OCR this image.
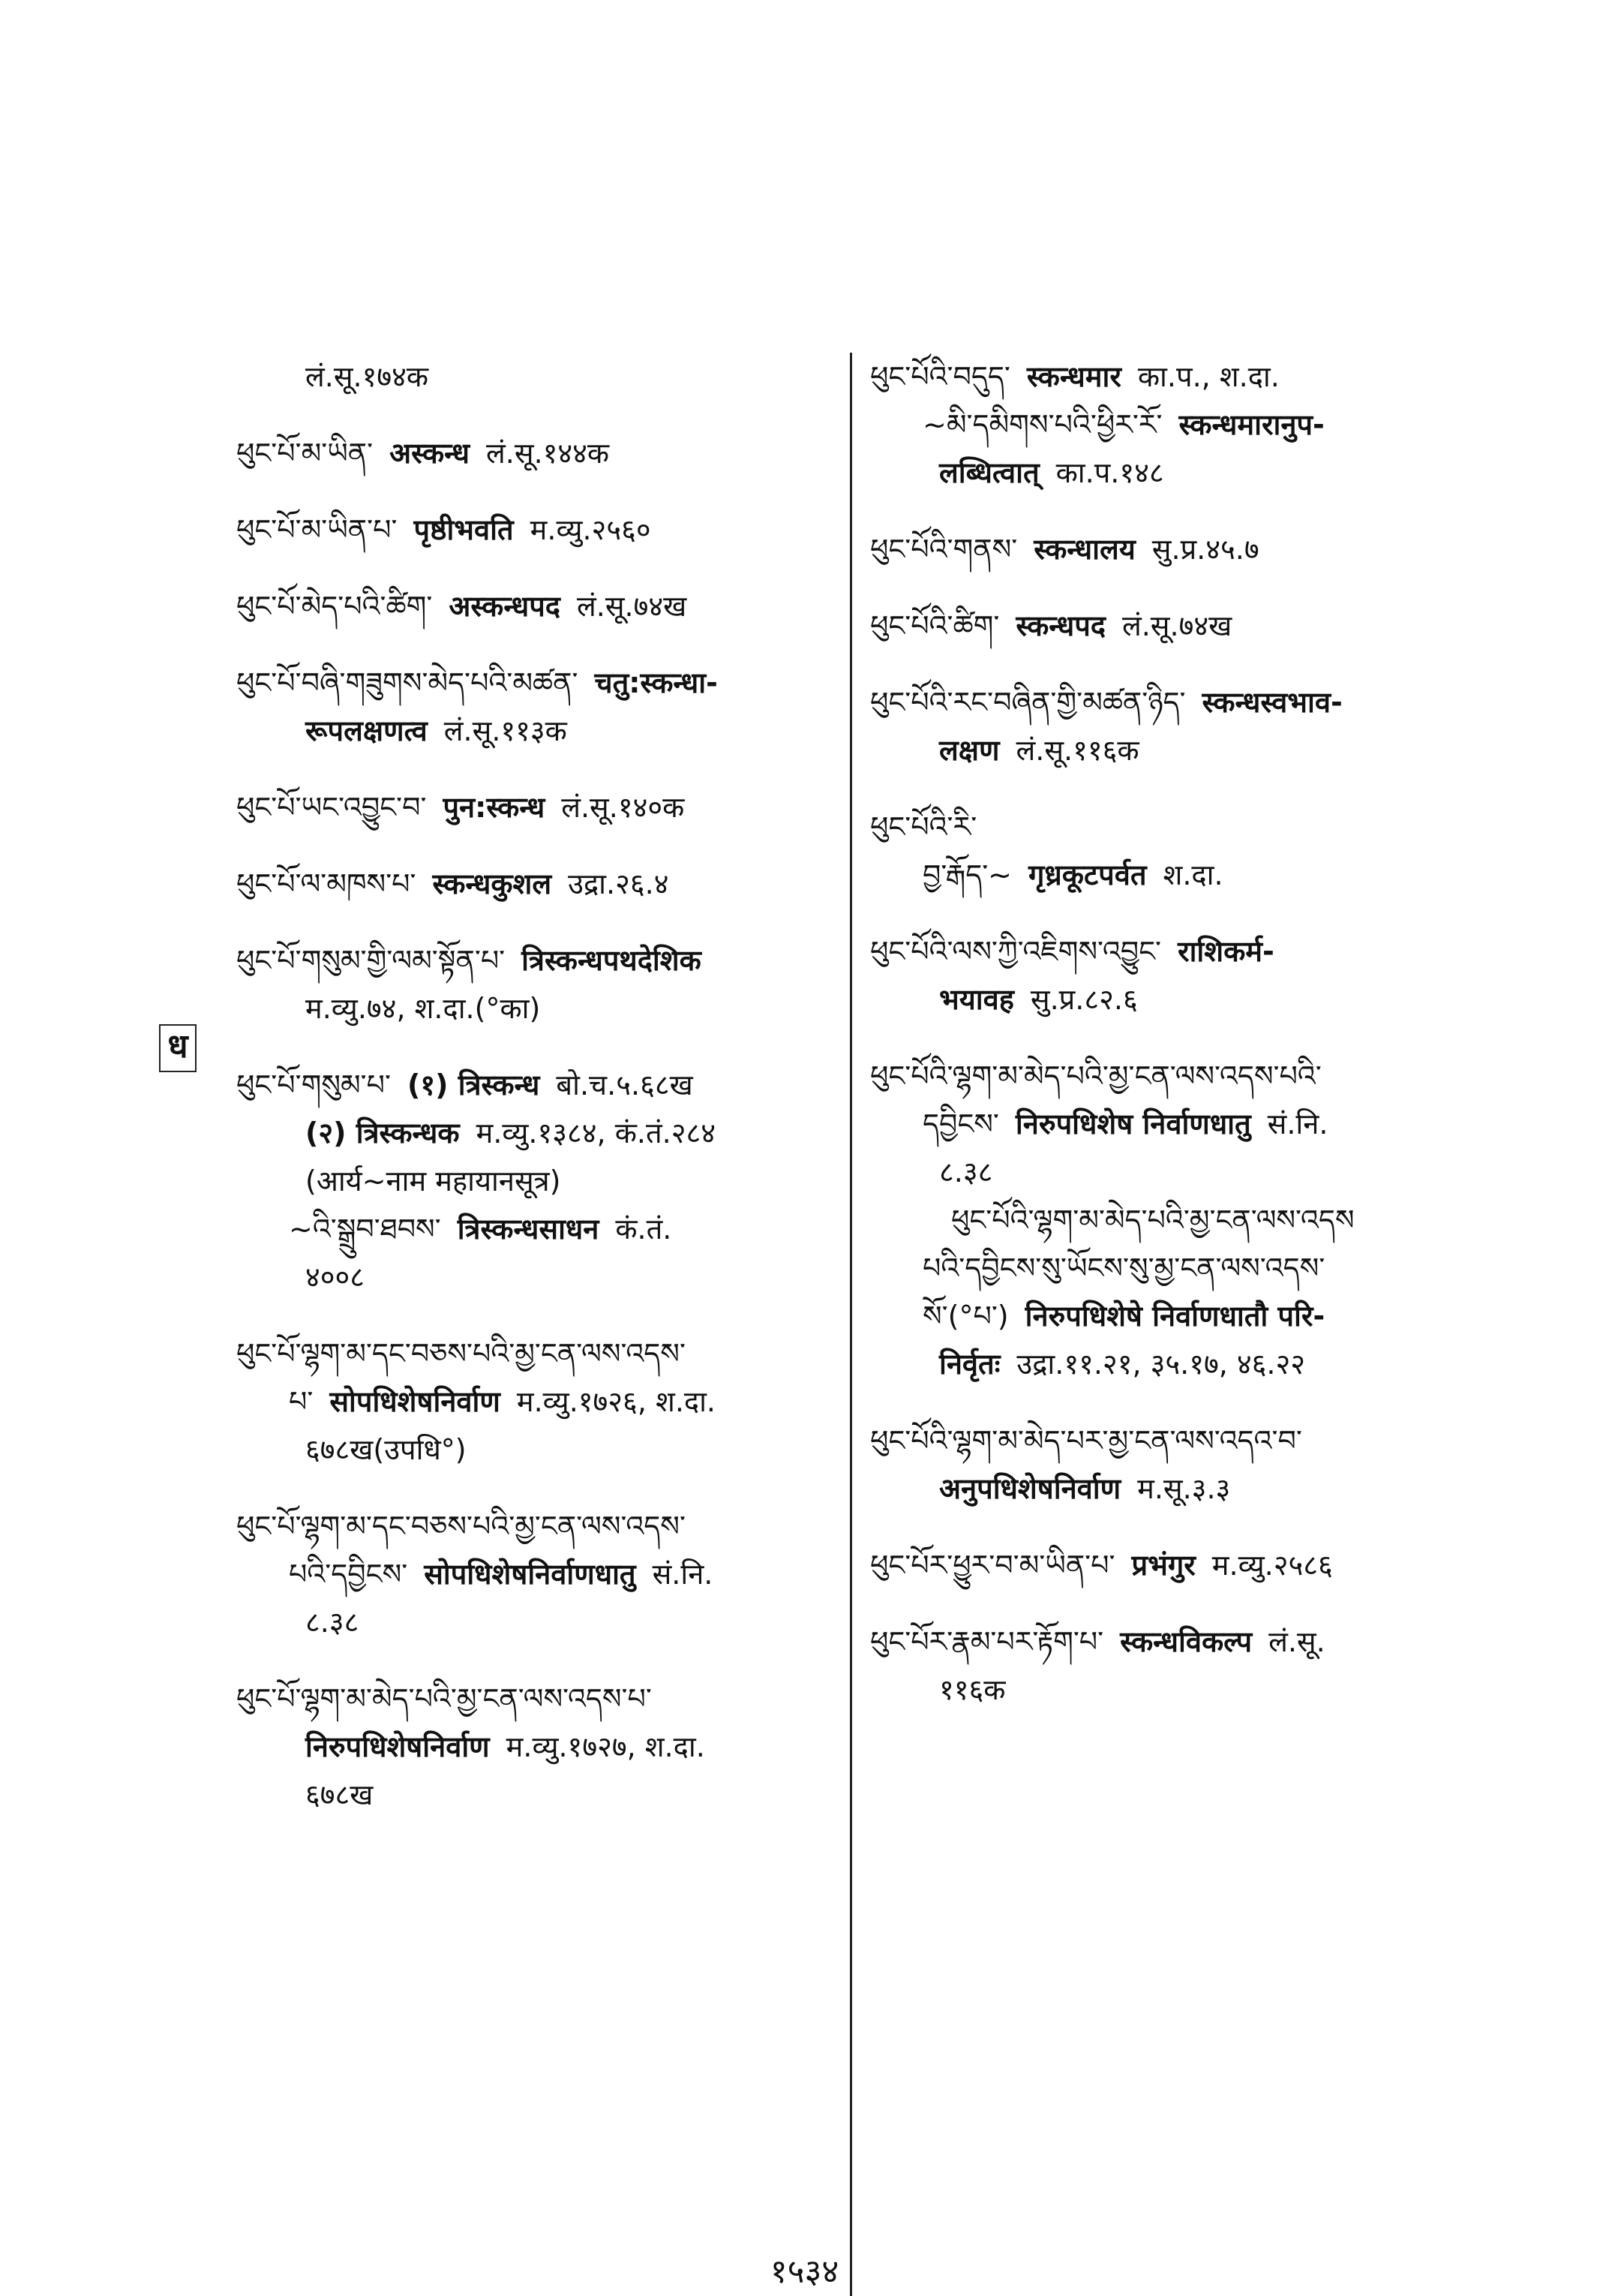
लं.सू.१७४क
ཕུང་པོ་མ་ཡིན་ अस्कन्ध लं.सू.१४४क
ཕུང་པོ་མ་ཡིན་པ་ पृष्ठीभवति म.व्यु.२५६०
ཕུང་པོ་མེད་པའི་ཚིག་ अस्कन्धपद लं.सू.७४ख
ཕུང་པོ་བཞི་གཟུགས་མེད་པའི་མཚན་ चतु:स्कन्धा-
रूपलक्षणत्व लं.सू.११३क
ཕུང་པོ་ཡང་འབྱུང་བ་ पुन:स्कन्ध लं.सू.१४०क
ཕུང་པོ་ལ་མཁས་པ་ स्कन्धकुशल उद्रा.२६.४
ཕུང་པོ་གསུམ་གྱི་ལམ་སྟོན་པ་ त्रिस्कन्धपथदेशिक
म.व्यु.७४, श.दा.(°का)
ཕུང་པོ་གསུམ་པ་ (१) त्रिस्कन्ध बो.च.५.६८ख
(२) त्रिस्कन्धक म.व्यु.१३८४, कं.तं.२८४
(आर्य~नाम महायानसूत्र)
~འི་སྒྲུབ་ཐབས་ त्रिस्कन्धसाधन कं.तं.
४००८
ཕུང་པོ་ལྷག་མ་དང་བཅས་པའི་མྱ་ངན་ལས་འདས་
པ་ सोपधिशेषनिर्वाण म.व्यु.१७२६, श.दा.
६७८ख(उपधि°)
ཕུང་པོ་ལྷག་མ་དང་བཅས་པའི་མྱ་ངན་ལས་འདས་
པའི་དབྱིངས་ सोपधिशेषनिर्वाणधातु सं.नि.
८.३८
ཕུང་པོ་ལྷག་མ་མེད་པའི་མྱ་ངན་ལས་འདས་པ་
निरुपधिशेषनिर्वाण म.व्यु.१७२७, श.दा.
६७८ख
ཕུང་པོའི་བདུད་ स्कन्धमार का.प., श.दा.
~མི་དམིགས་པའི་ཕྱིར་རོ་ स्कन्धमारानुप-
लब्धित्वात् का.प.१४८
ཕུང་པོའི་གནས་ स्कन्धालय सु.प्र.४५.७
ཕུང་པོའི་ཚིག་ स्कन्धपद लं.सू.७४ख
ཕུང་པོའི་རང་བཞིན་གྱི་མཚན་ཉིད་ स्कन्धस्वभाव-
लक्षण लं.सू.११६क
ཕུང་པོའི་རི་
བྱ་རྒོད་~ गृध्रकूटपर्वत श.दा.
ཕུང་པོའི་ལས་ཀྱི་འཇིགས་འབྱུང་ राशिकर्म-
भयावह सु.प्र.८२.६
ཕུང་པོའི་ལྷག་མ་མེད་པའི་མྱ་ངན་ལས་འདས་པའི་
དབྱིངས་ निरुपधिशेष निर्वाणधातु सं.नि.
८.३८
ཕུང་པོའི་ལྷག་མ་མེད་པའི་མྱ་ངན་ལས་འདས
པའི་དབྱིངས་སུ་ཡོངས་སུ་མྱ་ངན་ལས་འདས་
སོ་(°པ་) निरुपधिशेषे निर्वाणधातौ परि-
निर्वृतः उद्रा.११.२१, ३५.१७, ४६.२२
ཕུང་པོའི་ལྷག་མ་མེད་པར་མྱ་ངན་ལས་འདའ་བ་
अनुपधिशेषनिर्वाण म.सू.३.३
ཕུང་པོར་ཕྱུར་བ་མ་ཡིན་པ་ प्रभंगुर म.व्यु.२५८६
ཕུང་པོར་རྣམ་པར་རྟོག་པ་ स्कन्धविकल्प लं.सू.
११६क
ध
१५३४
